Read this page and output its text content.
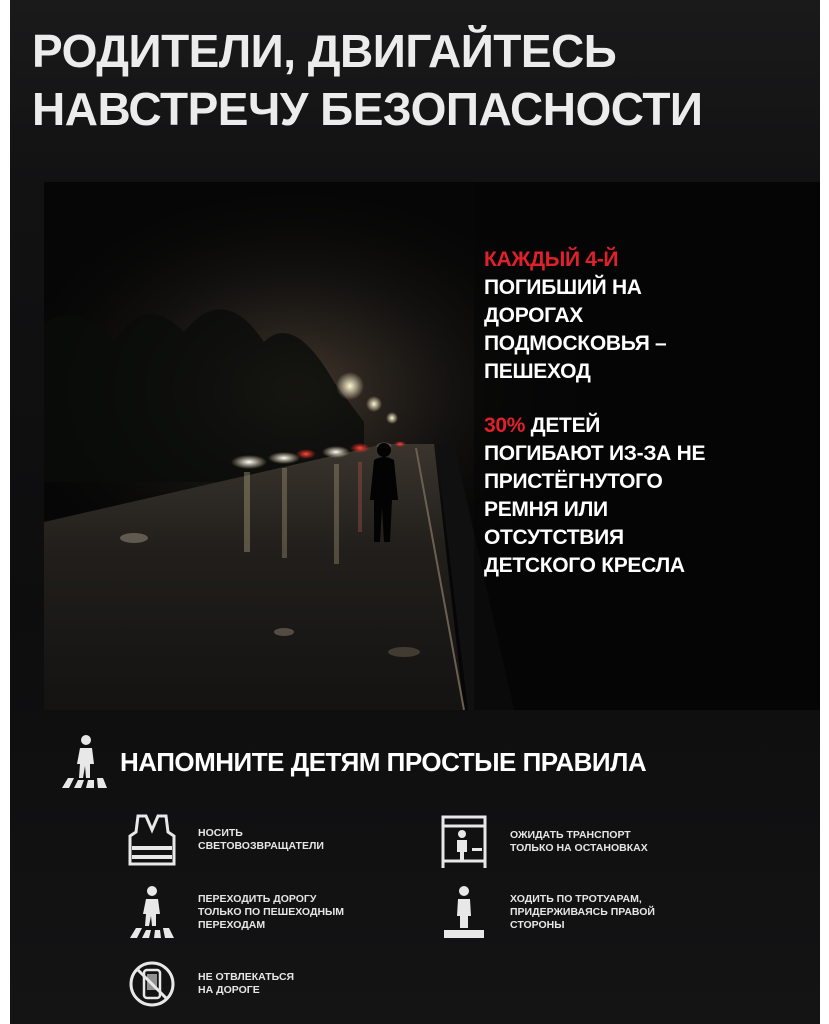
РОДИТЕЛИ, ДВИГАЙТЕСЬ
НАВСТРЕЧУ БЕЗОПАСНОСТИ
КАЖДЫЙ 4-Й
ПОГИБШИЙ НА
ДОРОГАХ
ПОДМОСКОВЬЯ –
ПЕШЕХОД
30% ДЕТЕЙ
ПОГИБАЮТ ИЗ-ЗА НЕ
ПРИСТЁГНУТОГО
РЕМНЯ ИЛИ
ОТСУТСТВИЯ
ДЕТСКОГО КРЕСЛА
НАПОМНИТЕ ДЕТЯМ ПРОСТЫЕ ПРАВИЛА
НОСИТЬ
СВЕТОВОЗВРАЩАТЕЛИ
ОЖИДАТЬ ТРАНСПОРТ
ТОЛЬКО НА ОСТАНОВКАХ
ПЕРЕХОДИТЬ ДОРОГУ
ТОЛЬКО ПО ПЕШЕХОДНЫМ
ПЕРЕХОДАМ
ХОДИТЬ ПО ТРОТУАРАМ,
ПРИДЕРЖИВАЯСЬ ПРАВОЙ
СТОРОНЫ
НЕ ОТВЛЕКАТЬСЯ
НА ДОРОГЕ
